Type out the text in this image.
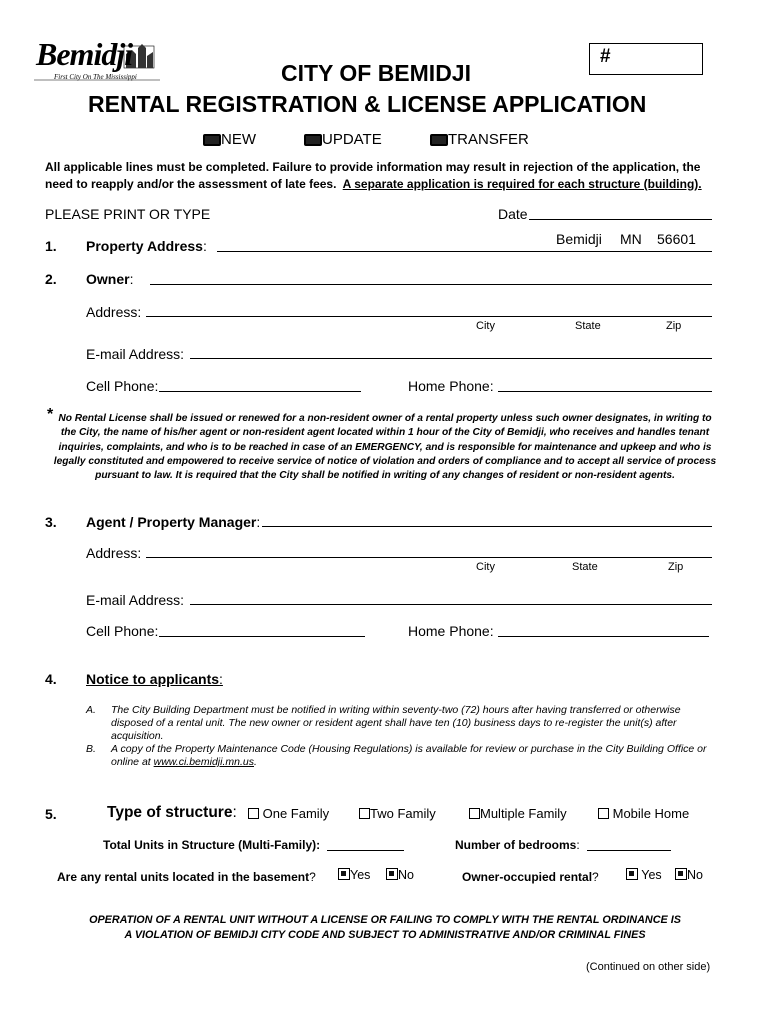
Bemidji
First City On The Mississippi
#
CITY OF BEMIDJI
RENTAL REGISTRATION & LICENSE APPLICATION
NEW	UPDATE	TRANSFER
All applicable lines must be completed. Failure to provide information may result in rejection of the application, the
need to reapply and/or the assessment of late fees. A separate application is required for each structure (building).
PLEASE PRINT OR TYPE	Date
1. Property Address:	Bemidji MN 56601
2. Owner:
Address:
City	State	Zip
E-mail Address:
Cell Phone:	Home Phone:
* No Rental License shall be issued or renewed for a non-resident owner of a rental property unless such owner designates, in writing to the City, the name of his/her agent or non-resident agent located within 1 hour of the City of Bemidji, who receives and handles tenant inquiries, complaints, and who is to be reached in case of an EMERGENCY, and is responsible for maintenance and upkeep and who is legally constituted and empowered to receive service of notice of violation and orders of compliance and to accept all service of process pursuant to law. It is required that the City shall be notified in writing of any changes of resident or non-resident agents.
3. Agent / Property Manager:
Address:
City	State	Zip
E-mail Address:
Cell Phone:	Home Phone:
4. Notice to applicants:
A. The City Building Department must be notified in writing within seventy-two (72) hours after having transferred or otherwise disposed of a rental unit. The new owner or resident agent shall have ten (10) business days to re-register the unit(s) after acquisition.
B. A copy of the Property Maintenance Code (Housing Regulations) is available for review or purchase in the City Building Office or online at www.ci.bemidji.mn.us.
5.	Type of structure:	One Family	Two Family	Multiple Family	Mobile Home
Total Units in Structure (Multi-Family):	Number of bedrooms:
Are any rental units located in the basement?	Yes	No	Owner-occupied rental?	Yes	No
OPERATION OF A RENTAL UNIT WITHOUT A LICENSE OR FAILING TO COMPLY WITH THE RENTAL ORDINANCE IS
A VIOLATION OF BEMIDJI CITY CODE AND SUBJECT TO ADMINISTRATIVE AND/OR CRIMINAL FINES
(Continued on other side)
